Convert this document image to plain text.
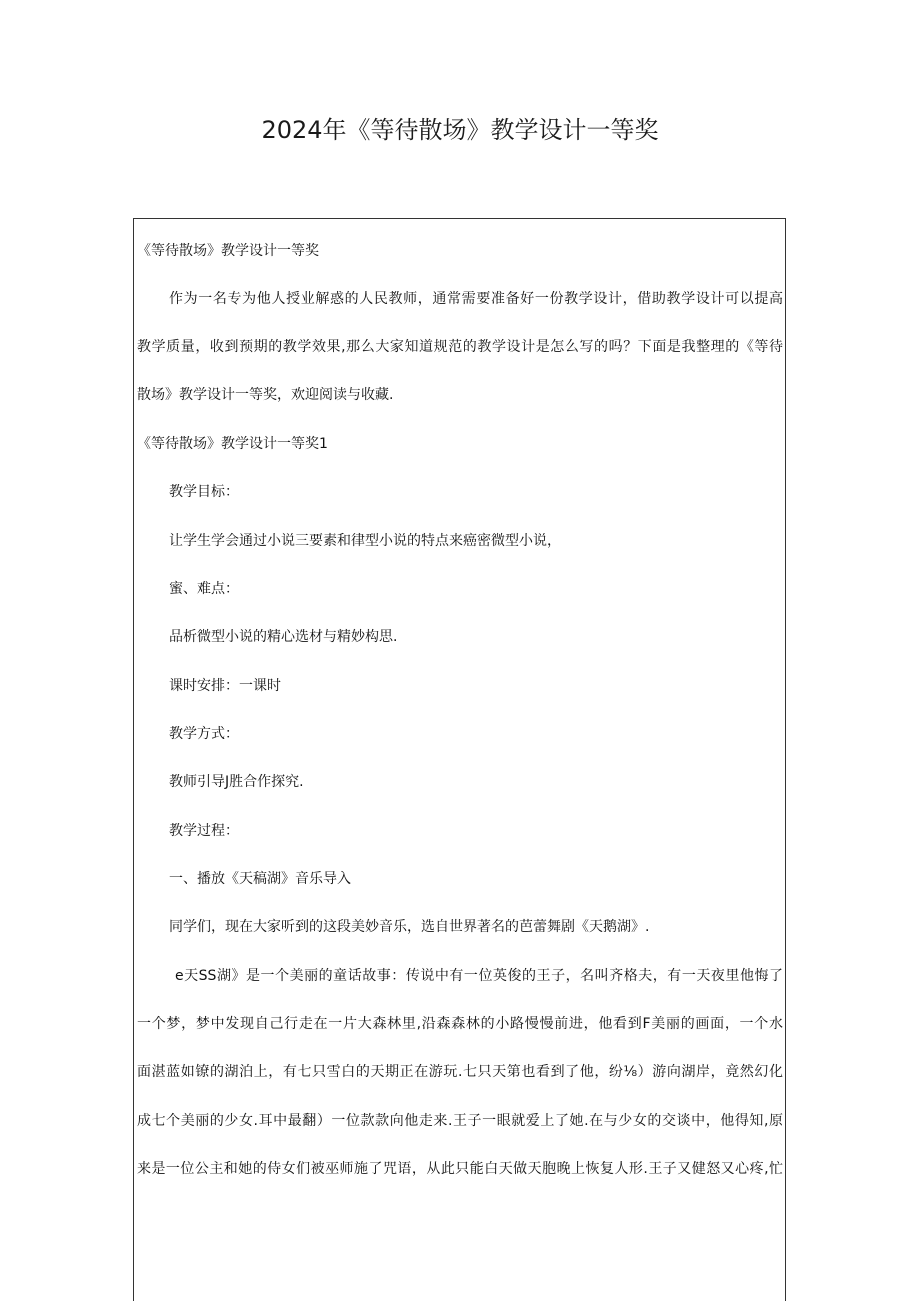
2024年《等待散场》教学设计一等奖
《等待散场》教学设计一等奖
作为一名专为他人授业解惑的人民教师，通常需要准备好一份教学设计，借助教学设计可以提高
教学质量，收到预期的教学效果,那么大家知道规范的教学设计是怎么写的吗？下面是我整理的《等待
散场》教学设计一等奖，欢迎阅读与收藏.
《等待散场》教学设计一等奖1
教学目标：
让学生学会通过小说三要素和律型小说的特点来癌密微型小说，
蜜、难点：
品析微型小说的精心选材与精妙构思.
课时安排：一课时
教学方式：
教师引导J胜合作探究.
教学过程：
一、播放《天稿湖》音乐导入
同学们，现在大家听到的这段美妙音乐，选自世界著名的芭蕾舞剧《天鹅湖》.
e天SS湖》是一个美丽的童话故事：传说中有一位英俊的王子，名叫齐格夫，有一天夜里他悔了
一个梦，梦中发现自己行走在一片大森林里,沿森森林的小路慢慢前进，他看到F美丽的画面，一个水
面湛蓝如镣的湖泊上，有七只雪白的天期正在游玩.七只天第也看到了他，纷⅛）游向湖岸，竟然幻化
成七个美丽的少女.耳中最翻）一位款款向他走来.王子一眼就爱上了她.在与少女的交谈中，他得知,原
来是一位公主和她的侍女们被巫师施了咒语，从此只能白天做天胞晚上恢复人形.王子又健怒又心疼,忙
